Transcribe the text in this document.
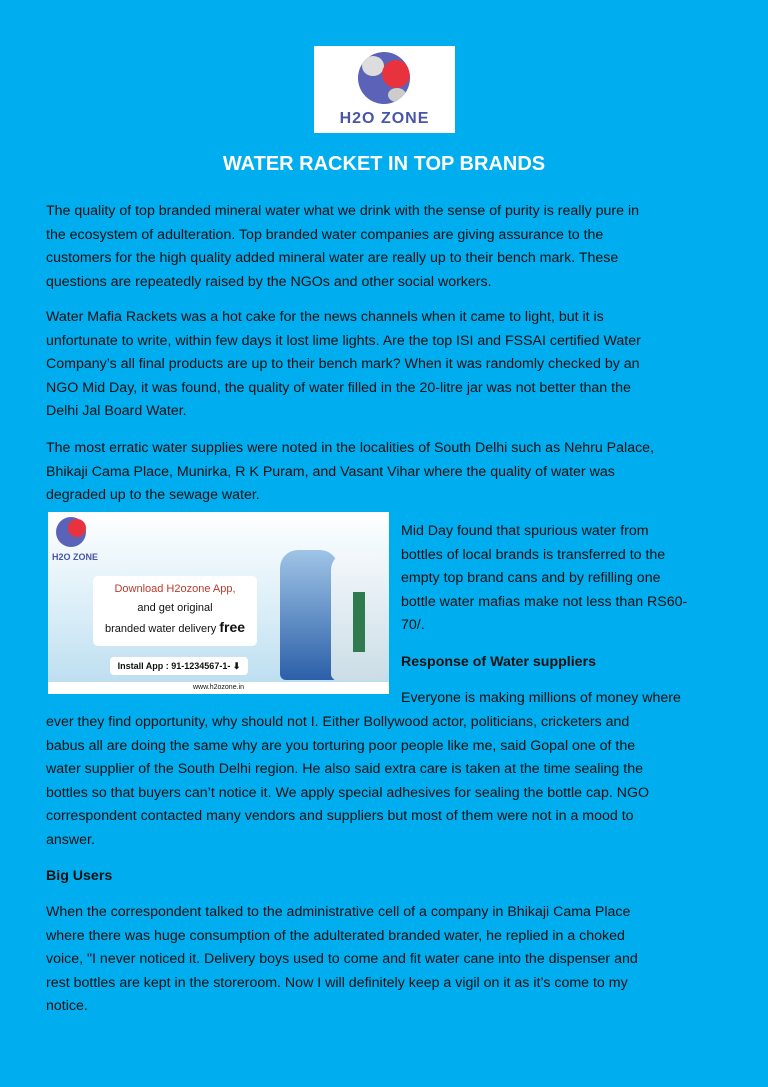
H2O ZONE
WATER RACKET IN TOP BRANDS
The quality of top branded mineral water what we drink with the sense of purity is really pure in
the ecosystem of adulteration. Top branded water companies are giving assurance to the
customers for the high quality added mineral water are really up to their bench mark. These
questions are repeatedly raised by the NGOs and other social workers.
Water Mafia Rackets was a hot cake for the news channels when it came to light, but it is
unfortunate to write, within few days it lost lime lights. Are the top ISI and FSSAI certified Water
Company’s all final products are up to their bench mark? When it was randomly checked by an
NGO Mid Day, it was found, the quality of water filled in the 20-litre jar was not better than the
Delhi Jal Board Water.
The most erratic water supplies were noted in the localities of South Delhi such as Nehru Palace,
Bhikaji Cama Place, Munirka, R K Puram, and Vasant Vihar where the quality of water was
degraded up to the sewage water.
H2O ZONE
Download H2ozone App,
and get original
branded water delivery free
Install App : 91-1234567-1- ⬇
www.h2ozone.in
Mid Day found that spurious water from
bottles of local brands is transferred to the
empty top brand cans and by refilling one
bottle water mafias make not less than RS60-
70/.
Response of Water suppliers
Everyone is making millions of money where
ever they find opportunity, why should not I. Either Bollywood actor, politicians, cricketers and
babus all are doing the same why are you torturing poor people like me, said Gopal one of the
water supplier of the South Delhi region. He also said extra care is taken at the time sealing the
bottles so that buyers can’t notice it. We apply special adhesives for sealing the bottle cap. NGO
correspondent contacted many vendors and suppliers but most of them were not in a mood to
answer.
Big Users
When the correspondent talked to the administrative cell of a company in Bhikaji Cama Place
where there was huge consumption of the adulterated branded water, he replied in a choked
voice, "I never noticed it. Delivery boys used to come and fit water cane into the dispenser and
rest bottles are kept in the storeroom. Now I will definitely keep a vigil on it as it’s come to my
notice.
